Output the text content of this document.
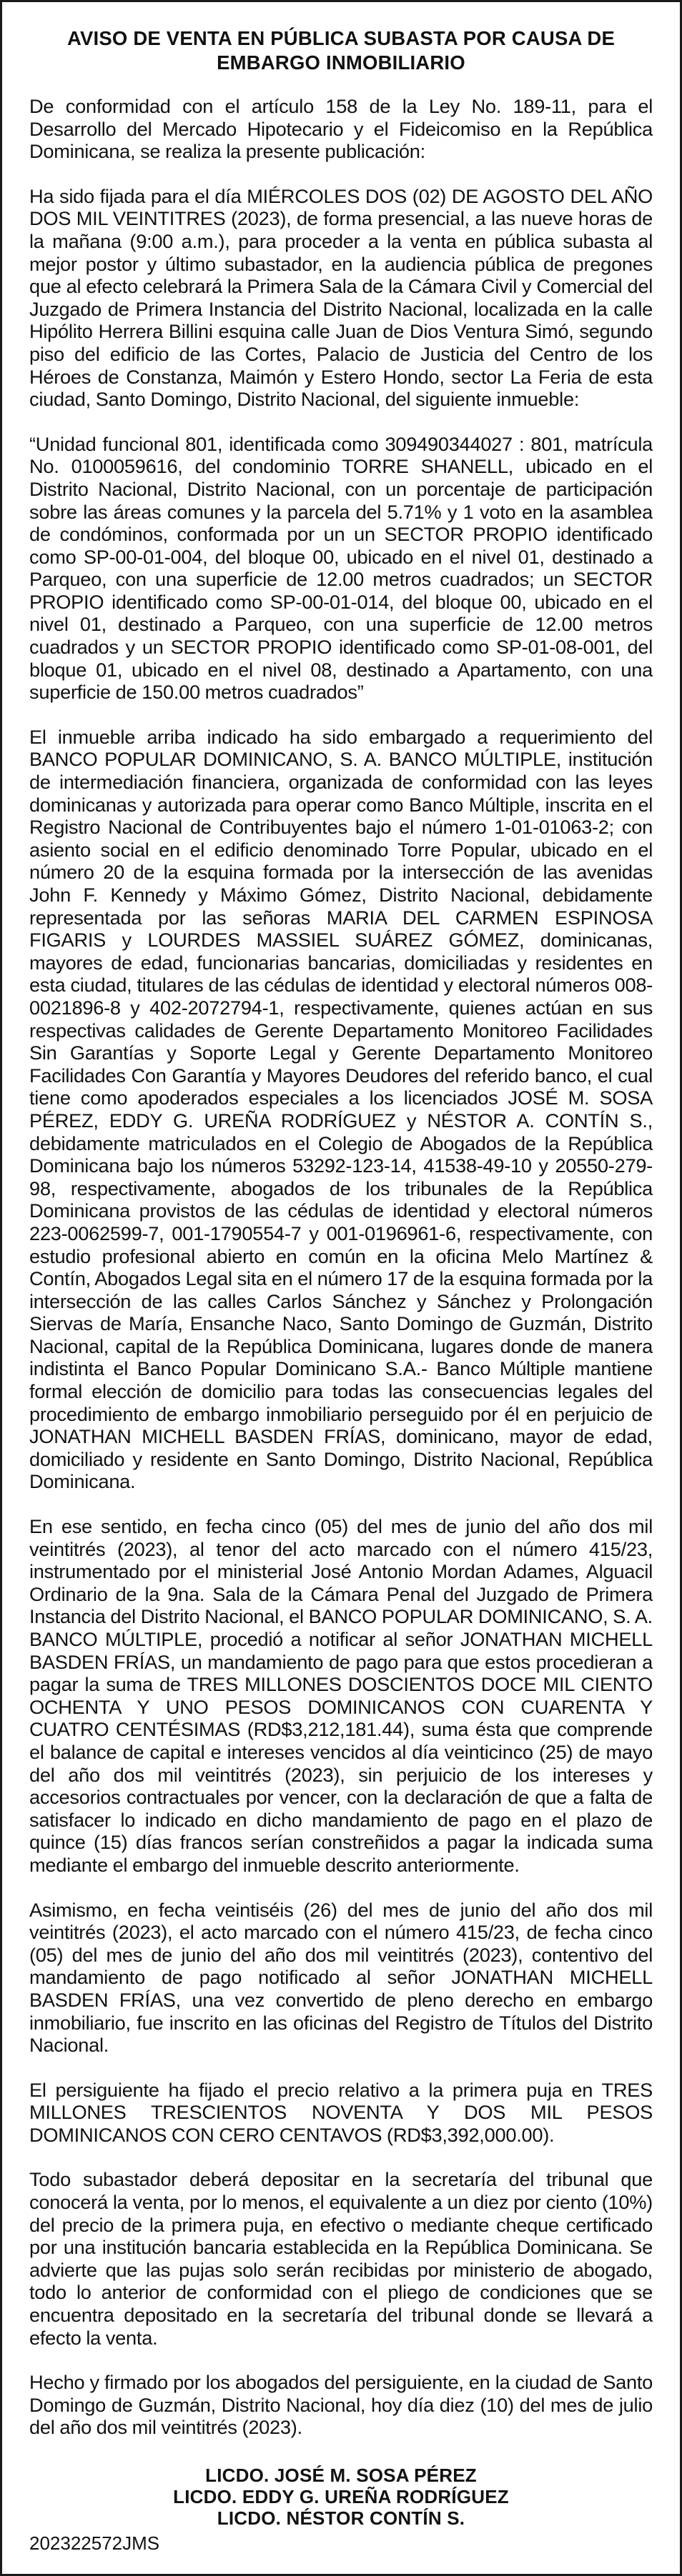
AVISO DE VENTA EN PÚBLICA SUBASTA POR CAUSA DE EMBARGO INMOBILIARIO

De conformidad con el artículo 158 de la Ley No. 189-11, para el Desarrollo del Mercado Hipotecario y el Fideicomiso en la República Dominicana, se realiza la presente publicación:

Ha sido fijada para el día MIÉRCOLES DOS (02) DE AGOSTO DEL AÑO DOS MIL VEINTITRES (2023), de forma presencial, a las nueve horas de la mañana (9:00 a.m.), para proceder a la venta en pública subasta al mejor postor y último subastador, en la audiencia pública de pregones que al efecto celebrará la Primera Sala de la Cámara Civil y Comercial del Juzgado de Primera Instancia del Distrito Nacional, localizada en la calle Hipólito Herrera Billini esquina calle Juan de Dios Ventura Simó, segundo piso del edificio de las Cortes, Palacio de Justicia del Centro de los Héroes de Constanza, Maimón y Estero Hondo, sector La Feria de esta ciudad, Santo Domingo, Distrito Nacional, del siguiente inmueble:

“Unidad funcional 801, identificada como 309490344027 : 801, matrícula No. 0100059616, del condominio TORRE SHANELL, ubicado en el Distrito Nacional, Distrito Nacional, con un porcentaje de participación sobre las áreas comunes y la parcela del 5.71% y 1 voto en la asamblea de condóminos, conformada por un un SECTOR PROPIO identificado como SP-00-01-004, del bloque 00, ubicado en el nivel 01, destinado a Parqueo, con una superficie de 12.00 metros cuadrados; un SECTOR PROPIO identificado como SP-00-01-014, del bloque 00, ubicado en el nivel 01, destinado a Parqueo, con una superficie de 12.00 metros cuadrados y un SECTOR PROPIO identificado como SP-01-08-001, del bloque 01, ubicado en el nivel 08, destinado a Apartamento, con una superficie de 150.00 metros cuadrados”

El inmueble arriba indicado ha sido embargado a requerimiento del BANCO POPULAR DOMINICANO, S. A. BANCO MÚLTIPLE, institución de intermediación financiera, organizada de conformidad con las leyes dominicanas y autorizada para operar como Banco Múltiple, inscrita en el Registro Nacional de Contribuyentes bajo el número 1-01-01063-2; con asiento social en el edificio denominado Torre Popular, ubicado en el número 20 de la esquina formada por la intersección de las avenidas John F. Kennedy y Máximo Gómez, Distrito Nacional, debidamente representada por las señoras MARIA DEL CARMEN ESPINOSA FIGARIS y LOURDES MASSIEL SUÁREZ GÓMEZ, dominicanas, mayores de edad, funcionarias bancarias, domiciliadas y residentes en esta ciudad, titulares de las cédulas de identidad y electoral números 008-0021896-8 y 402-2072794-1, respectivamente, quienes actúan en sus respectivas calidades de Gerente Departamento Monitoreo Facilidades Sin Garantías y Soporte Legal y Gerente Departamento Monitoreo Facilidades Con Garantía y Mayores Deudores del referido banco, el cual tiene como apoderados especiales a los licenciados JOSÉ M. SOSA PÉREZ, EDDY G. UREÑA RODRÍGUEZ y NÉSTOR A. CONTÍN S., debidamente matriculados en el Colegio de Abogados de la República Dominicana bajo los números 53292-123-14, 41538-49-10 y 20550-279-98, respectivamente, abogados de los tribunales de la República Dominicana provistos de las cédulas de identidad y electoral números 223-0062599-7, 001-1790554-7 y 001-0196961-6, respectivamente, con estudio profesional abierto en común en la oficina Melo Martínez & Contín, Abogados Legal sita en el número 17 de la esquina formada por la intersección de las calles Carlos Sánchez y Sánchez y Prolongación Siervas de María, Ensanche Naco, Santo Domingo de Guzmán, Distrito Nacional, capital de la República Dominicana, lugares donde de manera indistinta el Banco Popular Dominicano S.A.- Banco Múltiple mantiene formal elección de domicilio para todas las consecuencias legales del procedimiento de embargo inmobiliario perseguido por él en perjuicio de JONATHAN MICHELL BASDEN FRÍAS, dominicano, mayor de edad, domiciliado y residente en Santo Domingo, Distrito Nacional, República Dominicana.

En ese sentido, en fecha cinco (05) del mes de junio del año dos mil veintitrés (2023), al tenor del acto marcado con el número 415/23, instrumentado por el ministerial José Antonio Mordan Adames, Alguacil Ordinario de la 9na. Sala de la Cámara Penal del Juzgado de Primera Instancia del Distrito Nacional, el BANCO POPULAR DOMINICANO, S. A. BANCO MÚLTIPLE, procedió a notificar al señor JONATHAN MICHELL BASDEN FRÍAS, un mandamiento de pago para que estos procedieran a pagar la suma de TRES MILLONES DOSCIENTOS DOCE MIL CIENTO OCHENTA Y UNO PESOS DOMINICANOS CON CUARENTA Y CUATRO CENTÉSIMAS (RD$3,212,181.44), suma ésta que comprende el balance de capital e intereses vencidos al día veinticinco (25) de mayo del año dos mil veintitrés (2023), sin perjuicio de los intereses y accesorios contractuales por vencer, con la declaración de que a falta de satisfacer lo indicado en dicho mandamiento de pago en el plazo de quince (15) días francos serían constreñidos a pagar la indicada suma mediante el embargo del inmueble descrito anteriormente.

Asimismo, en fecha veintiséis (26) del mes de junio del año dos mil veintitrés (2023), el acto marcado con el número 415/23, de fecha cinco (05) del mes de junio del año dos mil veintitrés (2023), contentivo del mandamiento de pago notificado al señor JONATHAN MICHELL BASDEN FRÍAS, una vez convertido de pleno derecho en embargo inmobiliario, fue inscrito en las oficinas del Registro de Títulos del Distrito Nacional.

El persiguiente ha fijado el precio relativo a la primera puja en TRES MILLONES TRESCIENTOS NOVENTA Y DOS MIL PESOS DOMINICANOS CON CERO CENTAVOS (RD$3,392,000.00).

Todo subastador deberá depositar en la secretaría del tribunal que conocerá la venta, por lo menos, el equivalente a un diez por ciento (10%) del precio de la primera puja, en efectivo o mediante cheque certificado por una institución bancaria establecida en la República Dominicana. Se advierte que las pujas solo serán recibidas por ministerio de abogado, todo lo anterior de conformidad con el pliego de condiciones que se encuentra depositado en la secretaría del tribunal donde se llevará a efecto la venta.

Hecho y firmado por los abogados del persiguiente, en la ciudad de Santo Domingo de Guzmán, Distrito Nacional, hoy día diez (10) del mes de julio del año dos mil veintitrés (2023).

LICDO. JOSÉ M. SOSA PÉREZ
LICDO. EDDY G. UREÑA RODRÍGUEZ
LICDO. NÉSTOR CONTÍN S.
202322572JMS
